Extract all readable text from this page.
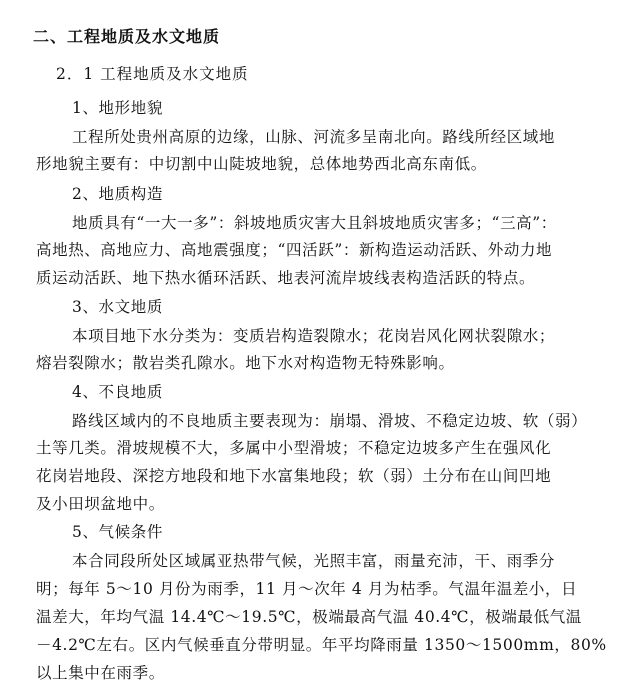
二、工程地质及水文地质
2．1 工程地质及水文地质
1、地形地貌
工程所处贵州高原的边缘，山脉、河流多呈南北向。路线所经区域地
形地貌主要有：中切割中山陡坡地貌，总体地势西北高东南低。
2、地质构造
地质具有“一大一多”：斜坡地质灾害大且斜坡地质灾害多；“三高”：
高地热、高地应力、高地震强度；“四活跃”：新构造运动活跃、外动力地
质运动活跃、地下热水循环活跃、地表河流岸坡线表构造活跃的特点。
3、水文地质
本项目地下水分类为：变质岩构造裂隙水；花岗岩风化网状裂隙水；
熔岩裂隙水；散岩类孔隙水。地下水对构造物无特殊影响。
4、不良地质
路线区域内的不良地质主要表现为：崩塌、滑坡、不稳定边坡、软（弱）
土等几类。滑坡规模不大，多属中小型滑坡；不稳定边坡多产生在强风化
花岗岩地段、深挖方地段和地下水富集地段；软（弱）土分布在山间凹地
及小田坝盆地中。
5、气候条件
本合同段所处区域属亚热带气候，光照丰富，雨量充沛，干、雨季分
明；每年 5～10 月份为雨季，11 月～次年 4 月为枯季。气温年温差小，日
温差大，年均气温 14.4℃～19.5℃，极端最高气温 40.4℃，极端最低气温
－4.2℃左右。区内气候垂直分带明显。年平均降雨量 1350～1500mm，80%
以上集中在雨季。
